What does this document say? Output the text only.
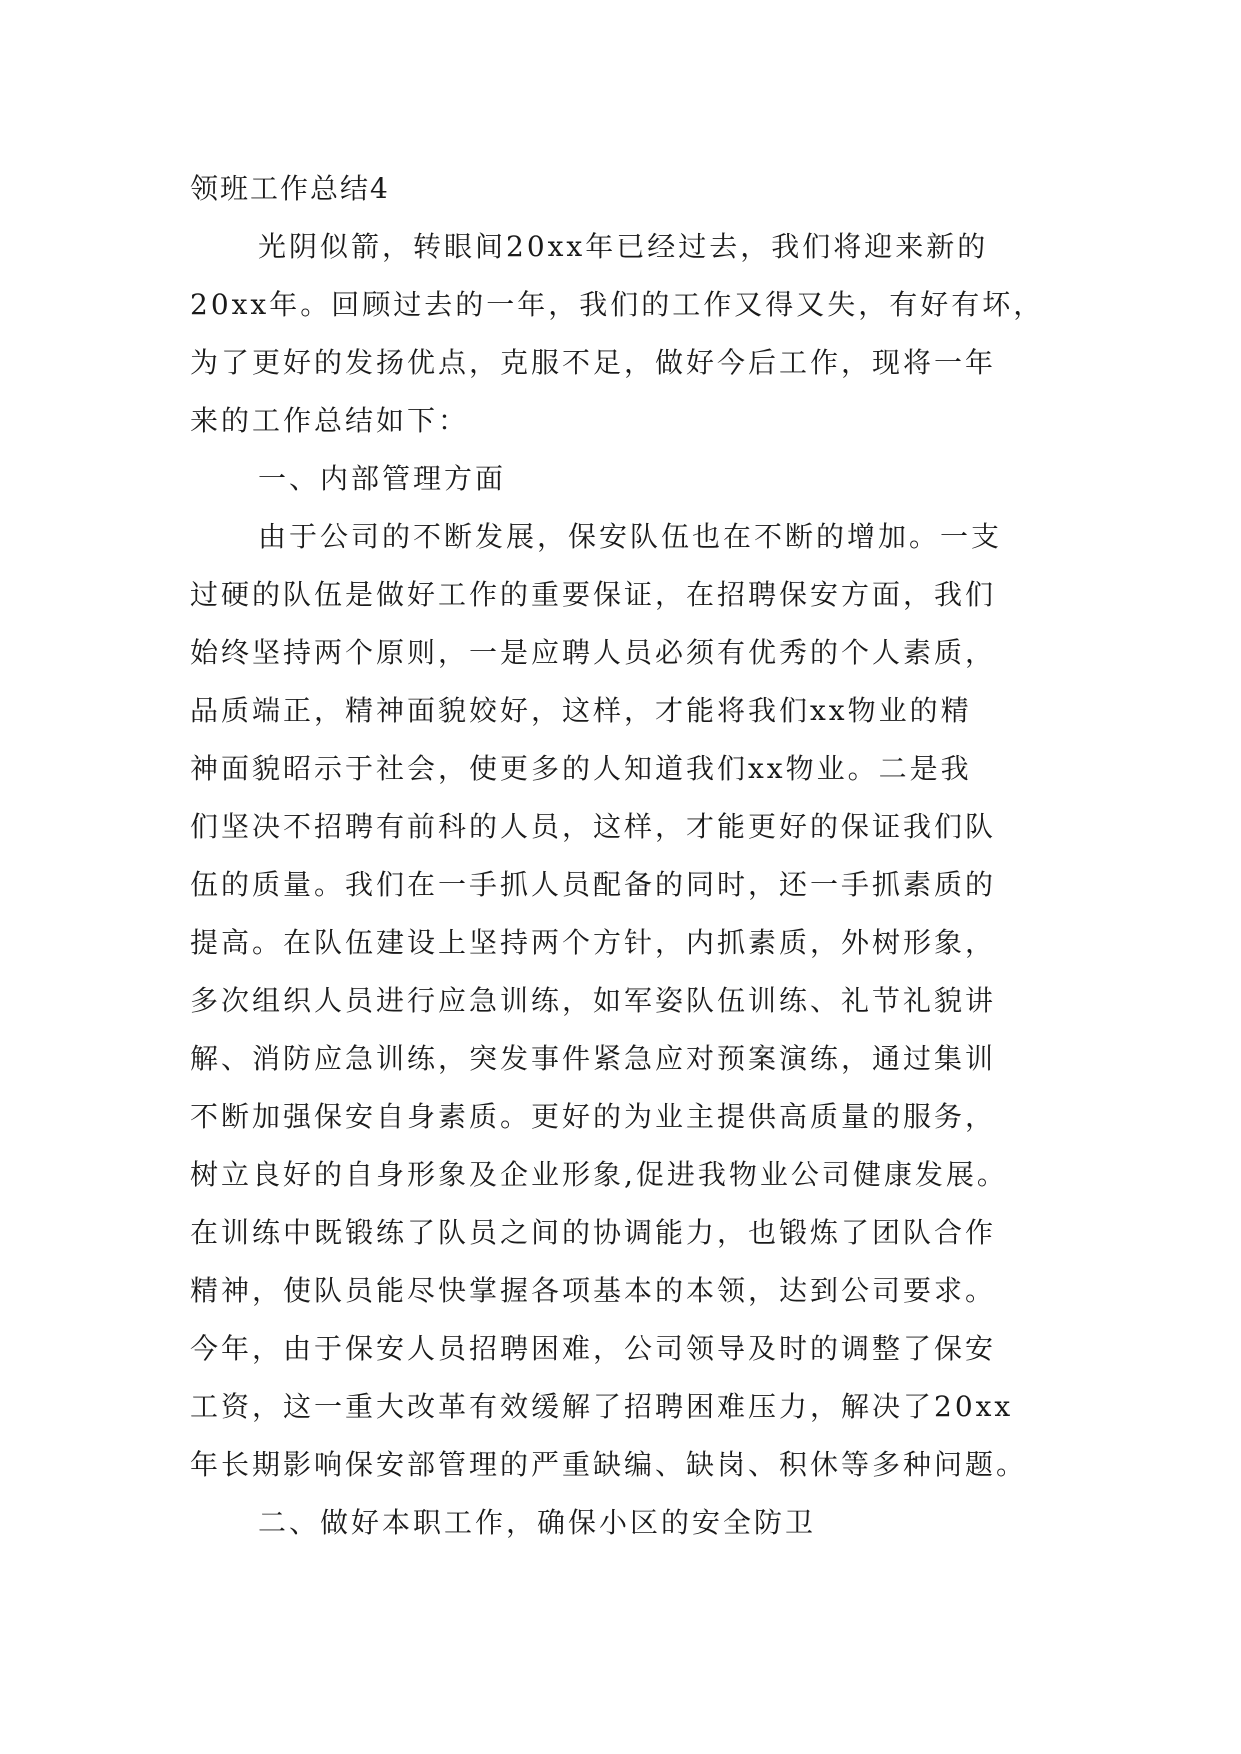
领班工作总结4
光阴似箭，转眼间20xx年已经过去，我们将迎来新的
20xx年。回顾过去的一年，我们的工作又得又失，有好有坏，
为了更好的发扬优点，克服不足，做好今后工作，现将一年
来的工作总结如下：
一、内部管理方面
由于公司的不断发展，保安队伍也在不断的增加。一支
过硬的队伍是做好工作的重要保证，在招聘保安方面，我们
始终坚持两个原则，一是应聘人员必须有优秀的个人素质，
品质端正，精神面貌姣好，这样，才能将我们xx物业的精
神面貌昭示于社会，使更多的人知道我们xx物业。二是我
们坚决不招聘有前科的人员，这样，才能更好的保证我们队
伍的质量。我们在一手抓人员配备的同时，还一手抓素质的
提高。在队伍建设上坚持两个方针，内抓素质，外树形象，
多次组织人员进行应急训练，如军姿队伍训练、礼节礼貌讲
解、消防应急训练，突发事件紧急应对预案演练，通过集训
不断加强保安自身素质。更好的为业主提供高质量的服务，
树立良好的自身形象及企业形象,促进我物业公司健康发展。
在训练中既锻练了队员之间的协调能力，也锻炼了团队合作
精神，使队员能尽快掌握各项基本的本领，达到公司要求。
今年，由于保安人员招聘困难，公司领导及时的调整了保安
工资，这一重大改革有效缓解了招聘困难压力，解决了20xx
年长期影响保安部管理的严重缺编、缺岗、积休等多种问题。
二、做好本职工作，确保小区的安全防卫
